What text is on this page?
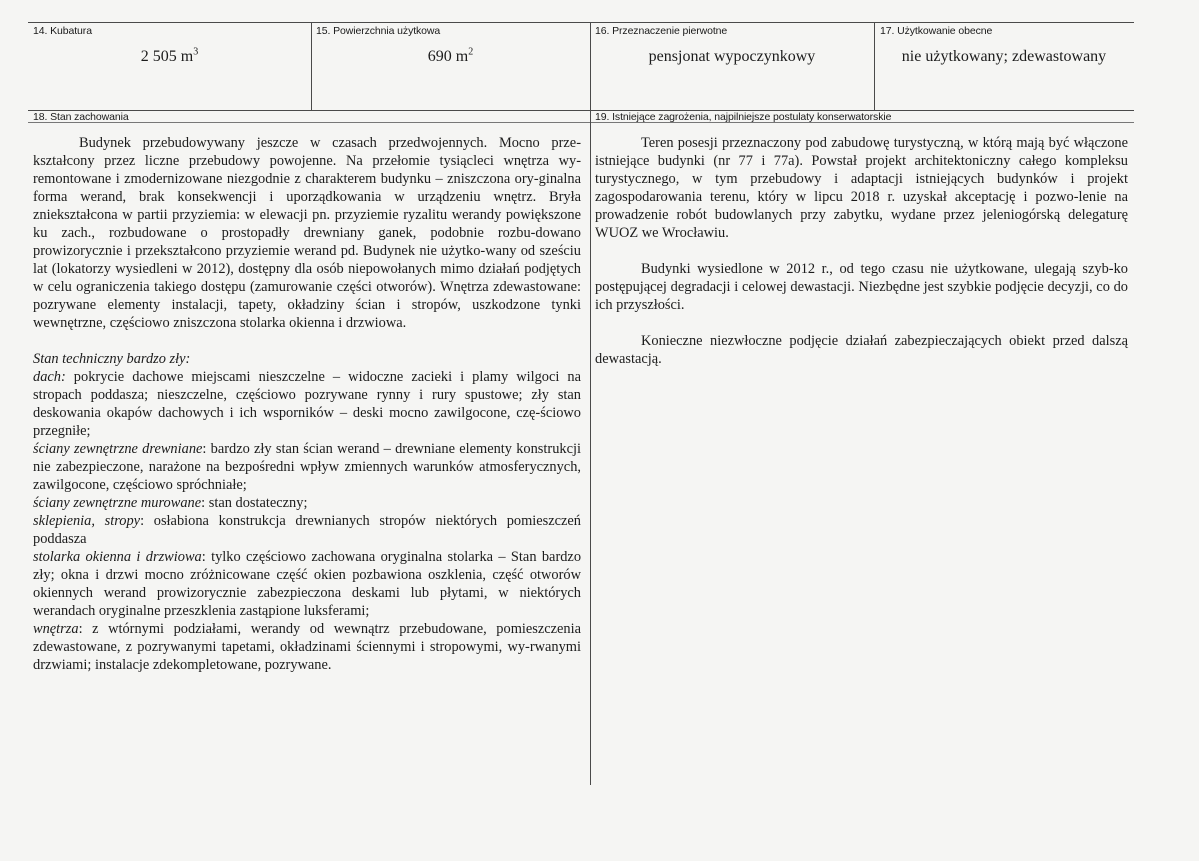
14. Kubatura
2 505 $m^3$
15. Powierzchnia użytkowa
690 $m^2$
16. Przeznaczenie pierwotne
pensjonat wypoczynkowy
17. Użytkowanie obecne
nie użytkowany; zdewastowany
18. Stan zachowania	19. Istniejące zagrożenia, najpilniejsze postulaty konserwatorskie

Budynek przebudowywany jeszcze w czasach przedwojennych. Mocno prze-kształcony przez liczne przebudowy powojenne. Na przełomie tysiącleci wnętrza wy-remontowane i zmodernizowane niezgodnie z charakterem budynku – zniszczona ory-ginalna forma werand, brak konsekwencji i uporządkowania w urządzeniu wnętrz. Bryła zniekształcona w partii przyziemia: w elewacji pn. przyziemie ryzalitu werandy powiększone ku zach., rozbudowane o prostopadły drewniany ganek, podobnie rozbu-dowano prowizorycznie i przekształcono przyziemie werand pd. Budynek nie użytko-wany od sześciu lat (lokatorzy wysiedleni w 2012), dostępny dla osób niepowołanych mimo działań podjętych w celu ograniczenia takiego dostępu (zamurowanie części otworów). Wnętrza zdewastowane: pozrywane elementy instalacji, tapety, okładziny ścian i stropów, uszkodzone tynki wewnętrzne, częściowo zniszczona stolarka okienna i drzwiowa.

Stan techniczny bardzo zły:

dach: pokrycie dachowe miejscami nieszczelne – widoczne zacieki i plamy wilgoci na stropach poddasza; nieszczelne, częściowo pozrywane rynny i rury spustowe; zły stan deskowania okapów dachowych i ich wsporników – deski mocno zawilgocone, czę-ściowo przegniłe;

ściany zewnętrzne drewniane: bardzo zły stan ścian werand – drewniane elementy konstrukcji nie zabezpieczone, narażone na bezpośredni wpływ zmiennych warunków atmosferycznych, zawilgocone, częściowo spróchniałe;

ściany zewnętrzne murowane: stan dostateczny;

sklepienia, stropy: osłabiona konstrukcja drewnianych stropów niektórych pomieszczeń poddasza

stolarka okienna i drzwiowa: tylko częściowo zachowana oryginalna stolarka – Stan bardzo zły; okna i drzwi mocno zróżnicowane część okien pozbawiona oszklenia, część otworów okiennych werand prowizorycznie zabezpieczona deskami lub płytami, w niektórych werandach oryginalne przeszklenia zastąpione luksferami;

wnętrza: z wtórnymi podziałami, werandy od wewnątrz przebudowane, pomieszczenia zdewastowane, z pozrywanymi tapetami, okładzinami ściennymi i stropowymi, wy-rwanymi drzwiami; instalacje zdekompletowane, pozrywane.

Teren posesji przeznaczony pod zabudowę turystyczną, w którą mają być włączone istniejące budynki (nr 77 i 77a). Powstał projekt architektoniczny całego kompleksu turystycznego, w tym przebudowy i adaptacji istniejących budynków i projekt zagospodarowania terenu, który w lipcu 2018 r. uzyskał akceptację i pozwo-lenie na prowadzenie robót budowlanych przy zabytku, wydane przez jeleniogórską delegaturę WUOZ we Wrocławiu.

Budynki wysiedlone w 2012 r., od tego czasu nie użytkowane, ulegają szyb-ko postępującej degradacji i celowej dewastacji. Niezbędne jest szybkie podjęcie decyzji, co do ich przyszłości.

Konieczne niezwłoczne podjęcie działań zabezpieczających obiekt przed dalszą dewastacją.
